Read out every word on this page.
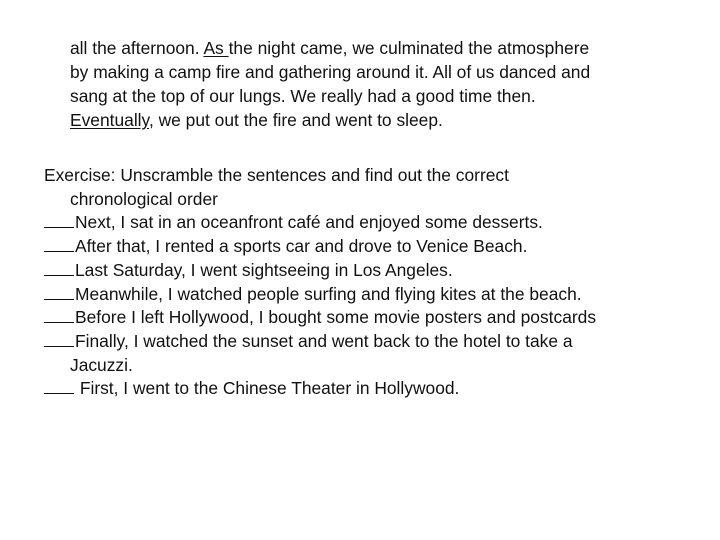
all the afternoon. As the night came, we culminated the atmosphere
by making a camp fire and gathering around it. All of us danced and
sang at the top of our lungs. We really had a good time then.
Eventually, we put out the fire and went to sleep.
Exercise: Unscramble the sentences and find out the correct
chronological order
Next, I sat in an oceanfront café and enjoyed some desserts.
After that, I rented a sports car and drove to Venice Beach.
Last Saturday, I went sightseeing in Los Angeles.
Meanwhile, I watched people surfing and flying kites at the beach.
Before I left Hollywood, I bought some movie posters and postcards
Finally, I watched the sunset and went back to the hotel to take a
Jacuzzi.
First, I went to the Chinese Theater in Hollywood.
